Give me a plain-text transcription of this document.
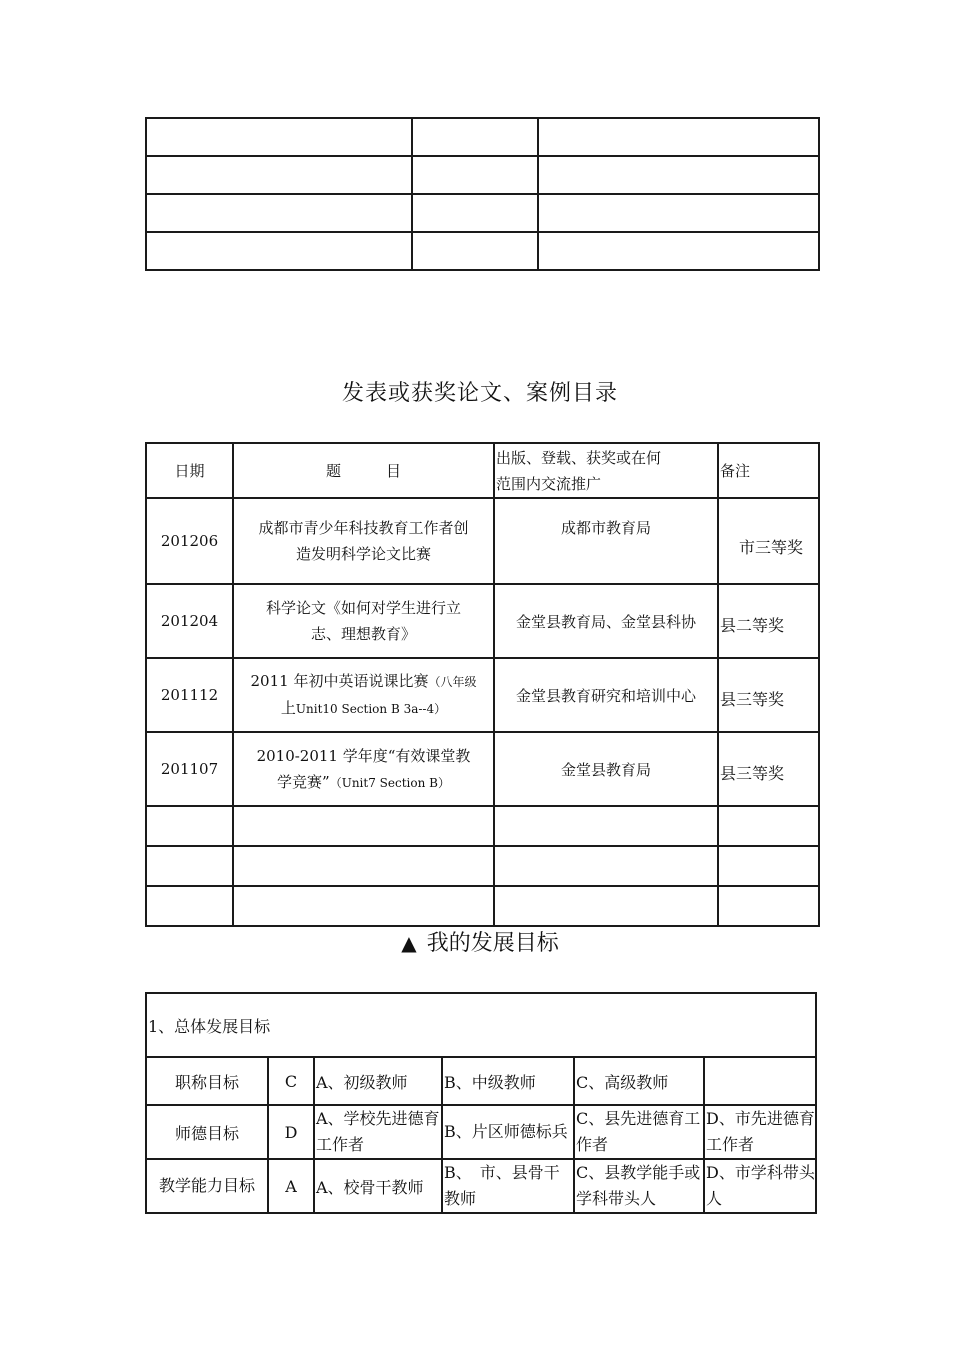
发表或获奖论文、案例目录
日期	题　　　目	出版、登载、获奖或在何
范围内交流推广	备注
201206	成都市青少年科技教育工作者创
造发明科学论文比赛	成都市教育局	市三等奖
201204	科学论文《如何对学生进行立
志、理想教育》	金堂县教育局、金堂县科协	县二等奖
201112	2011 年初中英语说课比赛（八年级
上Unit10 Section B 3a--4）	金堂县教育研究和培训中心	县三等奖
201107	2010-2011 学年度“有效课堂教
学竞赛”（Unit7 Section B）	金堂县教育局	县三等奖

▲ 我的发展目标
1、总体发展目标					
职称目标	C	A、初级教师	B、中级教师	C、高级教师	
师德目标	D	A、学校先进德育工作者	B、片区师德标兵	C、县先进德育工作者	D、市先进德育工作者
教学能力目标	A	A、校骨干教师	B、　市、县骨干教师	C、县教学能手或学科带头人	D、市学科带头人
